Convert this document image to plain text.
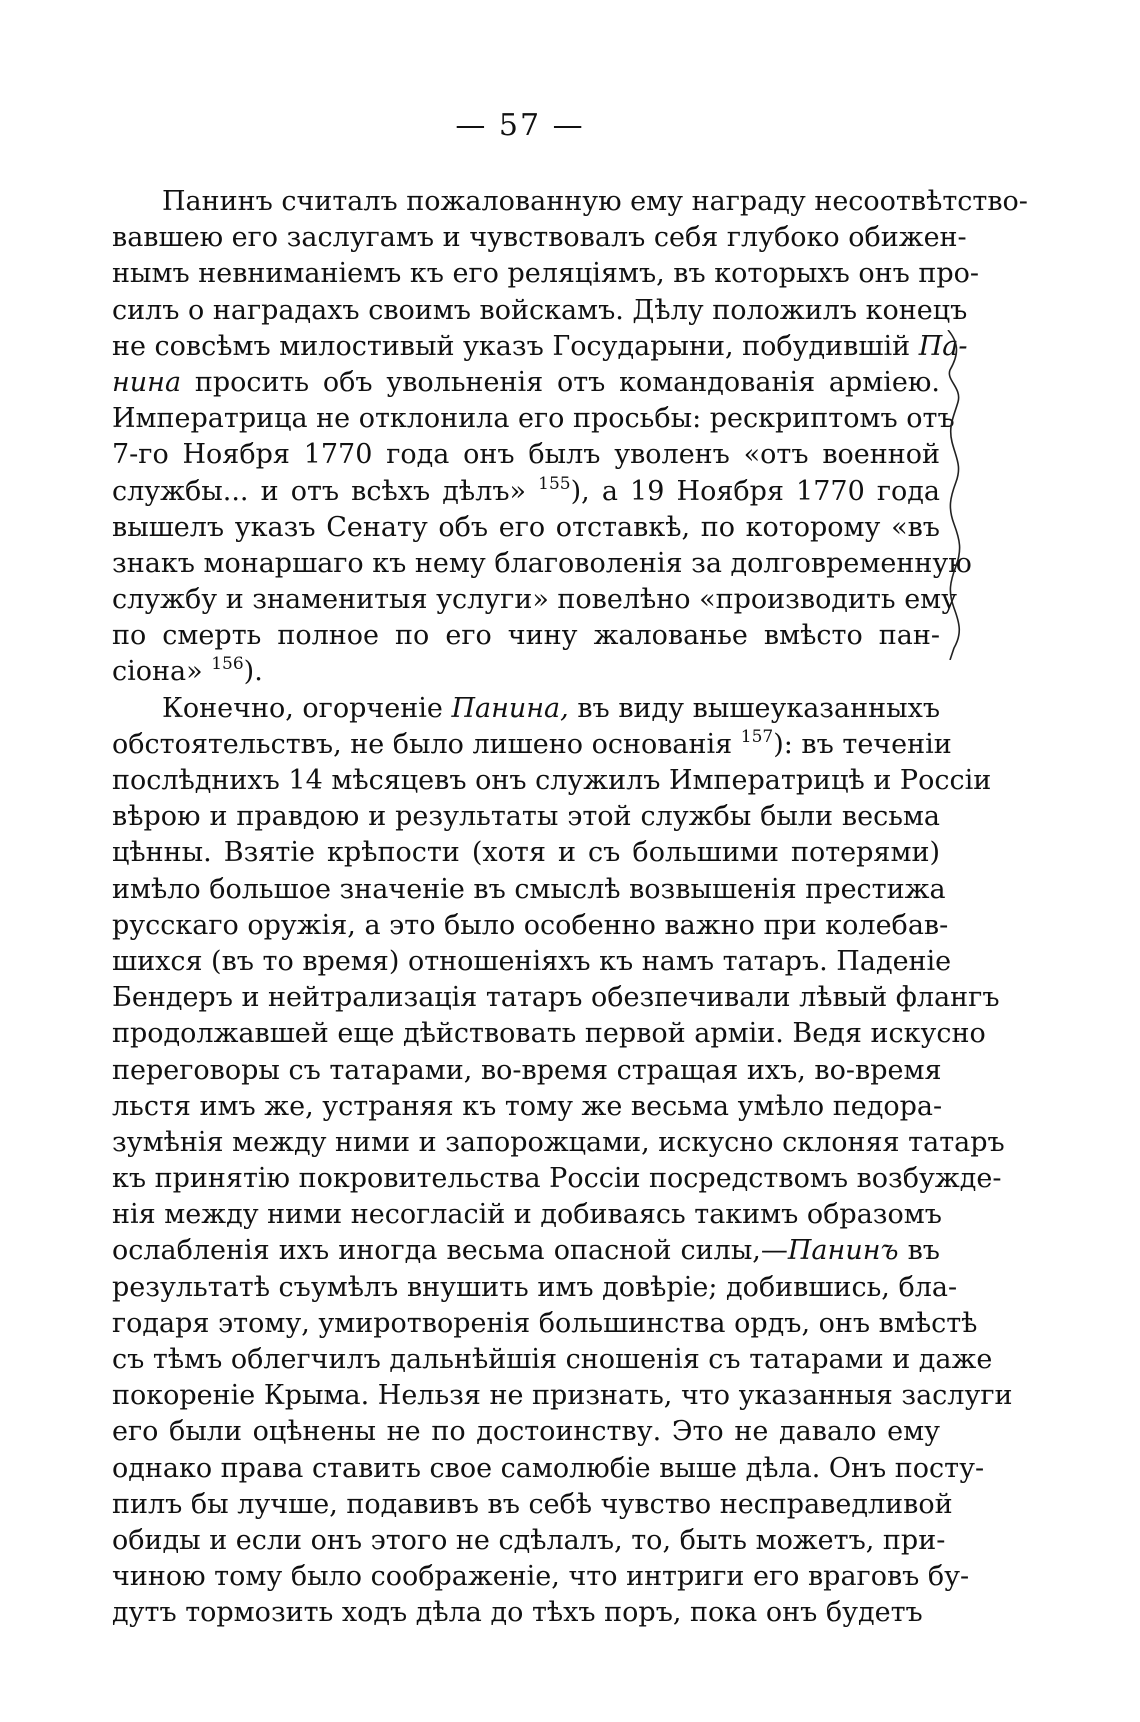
— 57 —
Панинъ считалъ пожалованную ему награду несоотвѣтство-
вавшею его заслугамъ и чувствовалъ себя глубоко обижен-
нымъ невниманіемъ къ его реляціямъ, въ которыхъ онъ про-
силъ о наградахъ своимъ войскамъ. Дѣлу положилъ конецъ
не совсѣмъ милостивый указъ Государыни, побудившій Па-
нина просить объ увольненія отъ командованія арміею.
Императрица не отклонила его просьбы: рескриптомъ отъ
7-го Ноября 1770 года онъ былъ уволенъ «отъ военной
службы... и отъ всѣхъ дѣлъ» $^{155}$), а 19 Ноября 1770 года
вышелъ указъ Сенату объ его отставкѣ, по которому «въ
знакъ монаршаго къ нему благоволенія за долговременную
службу и знаменитыя услуги» повелѣно «производить ему
по смерть полное по его чину жалованье вмѣсто пан-
сіона» $^{156}$).
Конечно, огорченіе Панина, въ виду вышеуказанныхъ
обстоятельствъ, не было лишено основанія $^{157}$): въ теченіи
послѣднихъ 14 мѣсяцевъ онъ служилъ Императрицѣ и Россіи
вѣрою и правдою и результаты этой службы были весьма
цѣнны. Взятіе крѣпости (хотя и съ большими потерями)
имѣло большое значеніе въ смыслѣ возвышенія престижа
русскаго оружія, а это было особенно важно при колебав-
шихся (въ то время) отношеніяхъ къ намъ татаръ. Паденіе
Бендеръ и нейтрализація татаръ обезпечивали лѣвый флангъ
продолжавшей еще дѣйствовать первой арміи. Ведя искусно
переговоры съ татарами, во-время стращая ихъ, во-время
льстя имъ же, устраняя къ тому же весьма умѣло педора-
зумѣнія между ними и запорожцами, искусно склоняя татаръ
къ принятію покровительства Россіи посредствомъ возбужде-
нія между ними несогласій и добиваясь такимъ образомъ
ослабленія ихъ иногда весьма опасной силы,—Панинъ въ
результатѣ съумѣлъ внушить имъ довѣріе; добившись, бла-
годаря этому, умиротворенія большинства ордъ, онъ вмѣстѣ
съ тѣмъ облегчилъ дальнѣйшія сношенія съ татарами и даже
покореніе Крыма. Нельзя не признать, что указанныя заслуги
его были оцѣнены не по достоинству. Это не давало ему
однако права ставить свое самолюбіе выше дѣла. Онъ посту-
пилъ бы лучше, подавивъ въ себѣ чувство несправедливой
обиды и если онъ этого не сдѣлалъ, то, быть можетъ, при-
чиною тому было соображеніе, что интриги его враговъ бу-
дутъ тормозить ходъ дѣла до тѣхъ поръ, пока онъ будетъ
